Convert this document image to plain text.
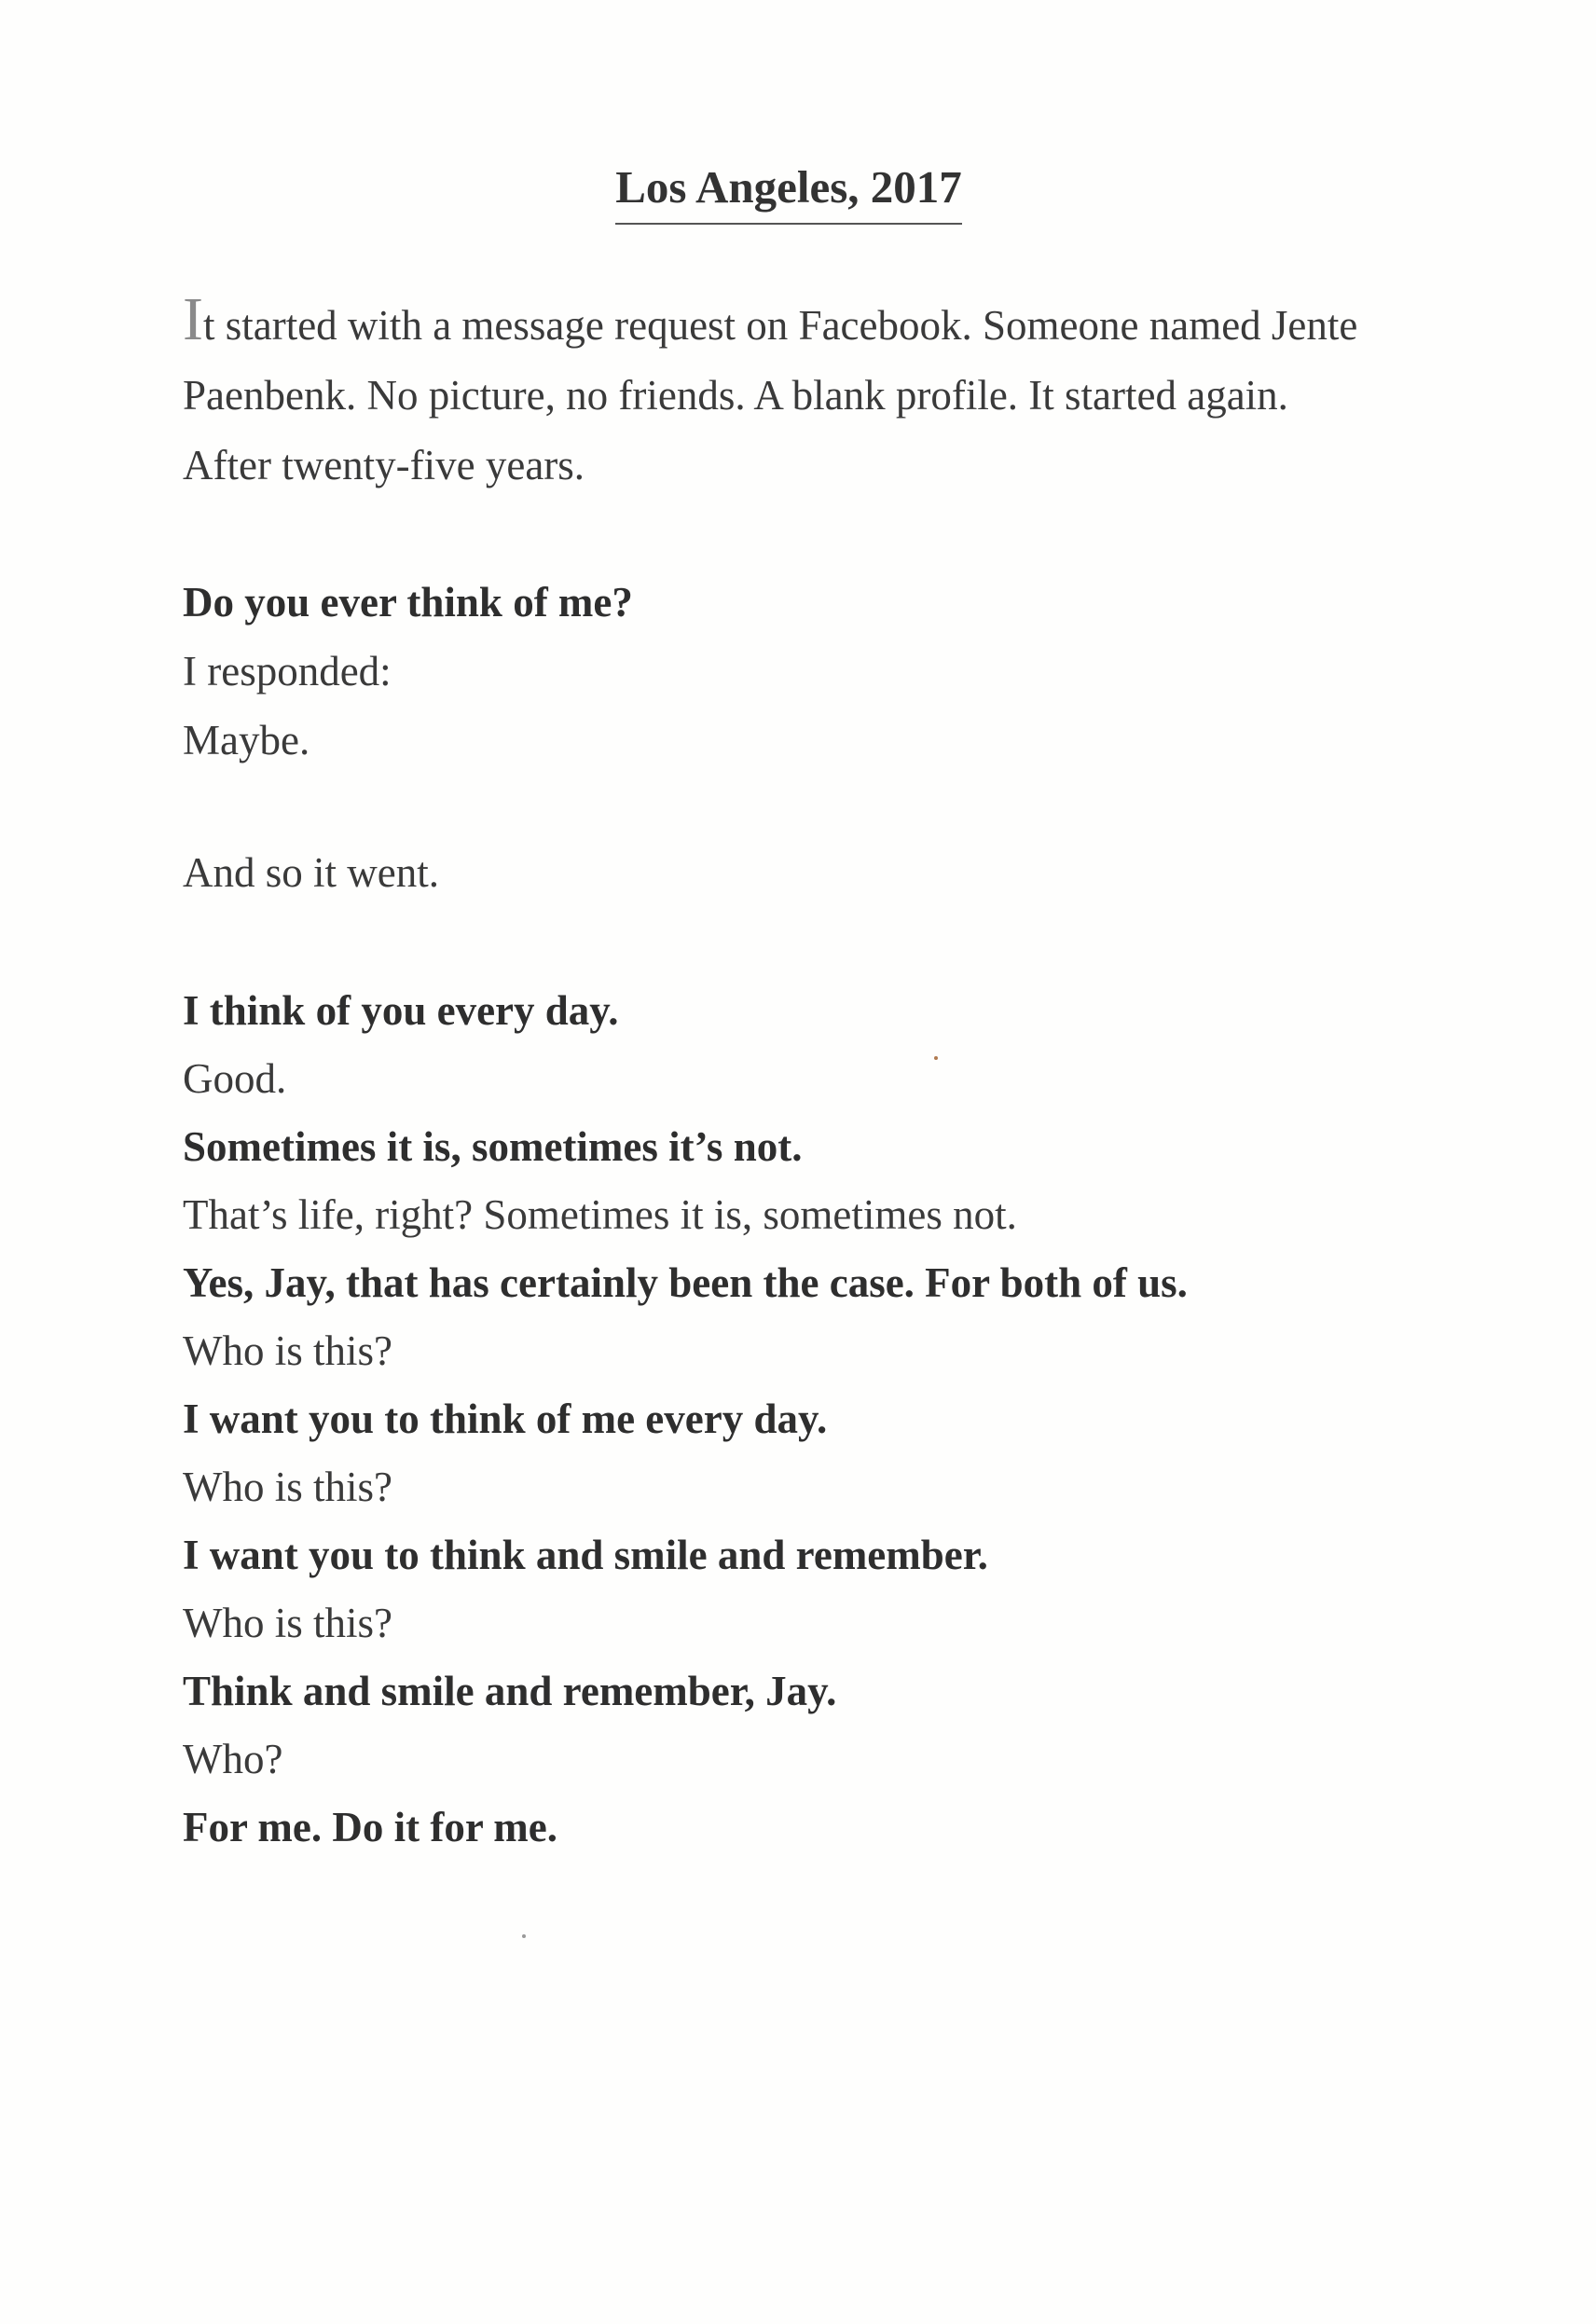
Los Angeles, 2017
It started with a message request on Facebook. Someone named Jente Paenbenk. No picture, no friends. A blank profile. It started again. After twenty-five years.
Do you ever think of me?
I responded:
Maybe.
And so it went.
I think of you every day.
Good.
Sometimes it is, sometimes it’s not.
That’s life, right? Sometimes it is, sometimes not.
Yes, Jay, that has certainly been the case. For both of us.
Who is this?
I want you to think of me every day.
Who is this?
I want you to think and smile and remember.
Who is this?
Think and smile and remember, Jay.
Who?
For me. Do it for me.
